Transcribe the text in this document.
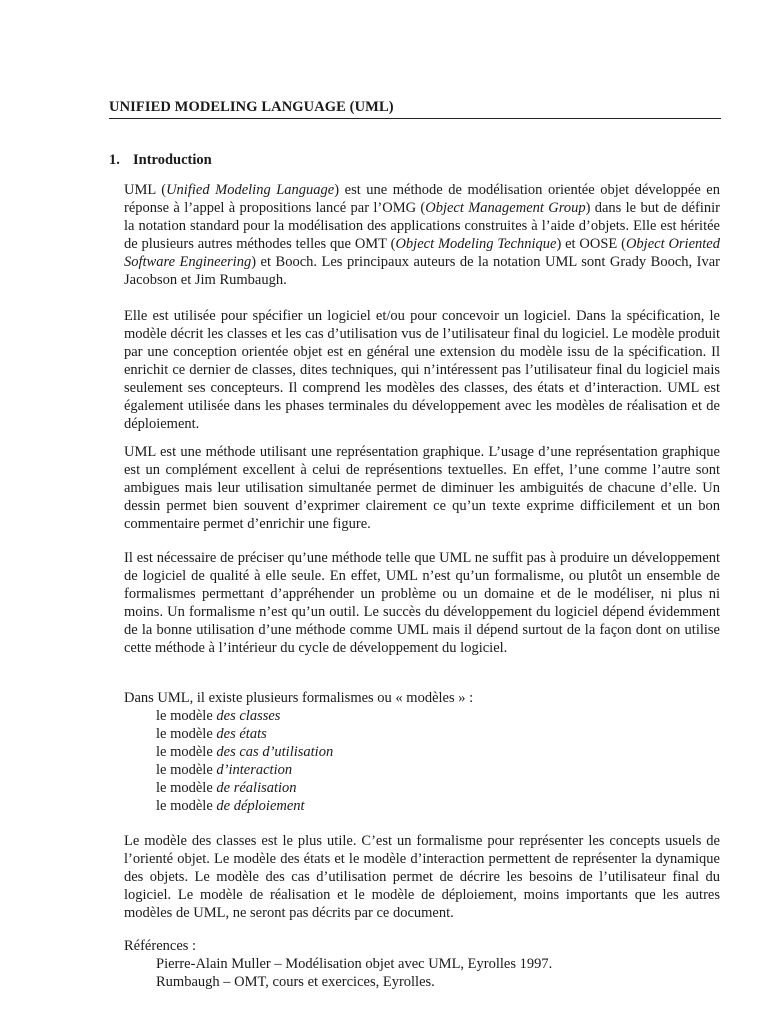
UNIFIED MODELING LANGUAGE (UML)
1. Introduction

UML (Unified Modeling Language) est une méthode de modélisation orientée objet développée en réponse à l’appel à propositions lancé par l’OMG (Object Management Group) dans le but de définir la notation standard pour la modélisation des applications construites à l’aide d’objets. Elle est héritée de plusieurs autres méthodes telles que OMT (Object Modeling Technique) et OOSE (Object Oriented Software Engineering) et Booch. Les principaux auteurs de la notation UML sont Grady Booch, Ivar Jacobson et Jim Rumbaugh.

Elle est utilisée pour spécifier un logiciel et/ou pour concevoir un logiciel. Dans la spécification, le modèle décrit les classes et les cas d’utilisation vus de l’utilisateur final du logiciel. Le modèle produit par une conception orientée objet est en général une extension du modèle issu de la spécification. Il enrichit ce dernier de classes, dites techniques, qui n’intéressent pas l’utilisateur final du logiciel mais seulement ses concepteurs. Il comprend les modèles des classes, des états et d’interaction. UML est également utilisée dans les phases terminales du développement avec les modèles de réalisation et de déploiement.

UML est une méthode utilisant une représentation graphique. L’usage d’une représentation graphique est un complément excellent à celui de représentions textuelles. En effet, l’une comme l’autre sont ambigues mais leur utilisation simultanée permet de diminuer les ambiguités de chacune d’elle. Un dessin permet bien souvent d’exprimer clairement ce qu’un texte exprime difficilement et un bon commentaire permet d’enrichir une figure.

Il est nécessaire de préciser qu’une méthode telle que UML ne suffit pas à produire un développement de logiciel de qualité à elle seule. En effet, UML n’est qu’un formalisme, ou plutôt un ensemble de formalismes permettant d’appréhender un problème ou un domaine et de le modéliser, ni plus ni moins. Un formalisme n’est qu’un outil. Le succès du développement du logiciel dépend évidemment de la bonne utilisation d’une méthode comme UML mais il dépend surtout de la façon dont on utilise cette méthode à l’intérieur du cycle de développement du logiciel.

Dans UML, il existe plusieurs formalismes ou « modèles » :

le modèle des classes
le modèle des états
le modèle des cas d’utilisation
le modèle d’interaction
le modèle de réalisation
le modèle de déploiement

Le modèle des classes est le plus utile. C’est un formalisme pour représenter les concepts usuels de l’orienté objet. Le modèle des états et le modèle d’interaction permettent de représenter la dynamique des objets. Le modèle des cas d’utilisation permet de décrire les besoins de l’utilisateur final du logiciel. Le modèle de réalisation et le modèle de déploiement, moins importants que les autres modèles de UML, ne seront pas décrits par ce document.

Références :

Pierre-Alain Muller – Modélisation objet avec UML, Eyrolles 1997.
Rumbaugh – OMT, cours et exercices, Eyrolles.
